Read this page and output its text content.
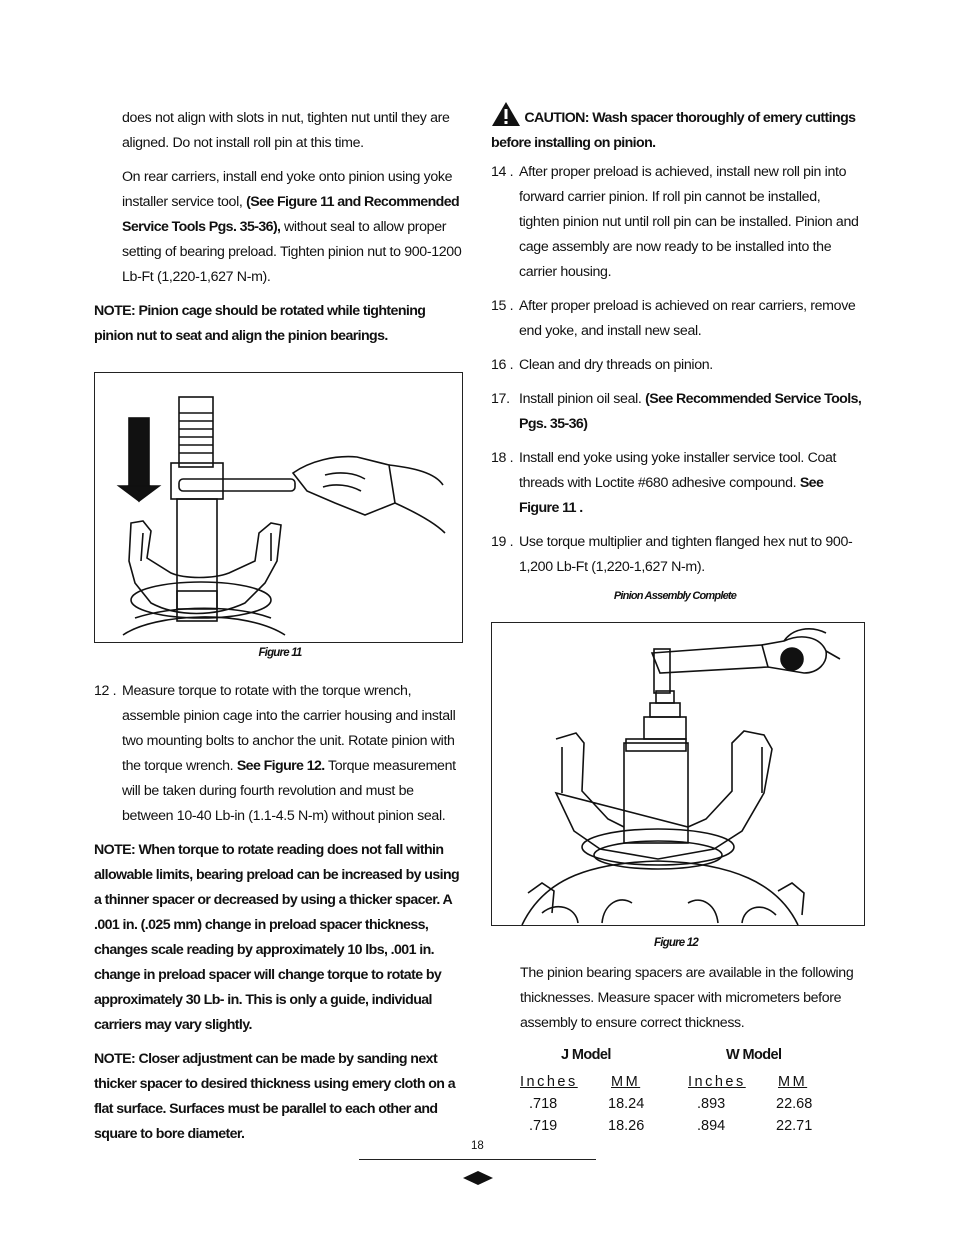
does not align with slots in nut, tighten nut until they are aligned. Do not install roll pin at this time.

On rear carriers, install end yoke onto pinion using yoke installer service tool, (See Figure 11 and Recommended Service Tools Pgs. 35-36), without seal to allow proper setting of bearing preload. Tighten pinion nut to 900-1200 Lb-Ft (1,220-1,627 N-m).

NOTE: Pinion cage should be rotated while tightening pinion nut to seat and align the pinion bearings.

Figure 11

12 . Measure torque to rotate with the torque wrench, assemble pinion cage into the carrier housing and install two mounting bolts to anchor the unit. Rotate pinion with the torque wrench. See Figure 12. Torque measurement will be taken during fourth revolution and must be between 10-40 Lb-in (1.1-4.5 N-m) without pinion seal.

NOTE: When torque to rotate reading does not fall within allowable limits, bearing preload can be increased by using a thinner spacer or decreased by using a thicker spacer. A .001 in. (.025 mm) change in preload spacer thickness, changes scale reading by approximately 10 lbs, .001 in. change in preload spacer will change torque to rotate by approximately 30 Lb- in. This is only a guide, individual carriers may vary slightly.

NOTE: Closer adjustment can be made by sanding next thicker spacer to desired thickness using emery cloth on a flat surface. Surfaces must be parallel to each other and square to bore diameter.

CAUTION: Wash spacer thoroughly of emery cuttings
before installing on pinion.

14 . After proper preload is achieved, install new roll pin into forward carrier pinion. If roll pin cannot be installed, tighten pinion nut until roll pin can be installed. Pinion and cage assembly are now ready to be installed into the carrier housing.

15 . After proper preload is achieved on rear carriers, remove end yoke, and install new seal.

16 . Clean and dry threads on pinion.

17. Install pinion oil seal. (See Recommended Service Tools, Pgs. 35-36)

18 . Install end yoke using yoke installer service tool. Coat threads with Loctite #680 adhesive compound. See Figure 11 .

19 . Use torque multiplier and tighten flanged hex nut to 900-1,200 Lb-Ft (1,220-1,627 N-m).

Pinion Assembly Complete
Figure 12

The pinion bearing spacers are available in the following thicknesses. Measure spacer with micrometers before assembly to ensure correct thickness.

J Model	W Model
Inches MM	Inches MM
.718	18.24	.893	22.68
.719	18.26	.894	22.71
18
